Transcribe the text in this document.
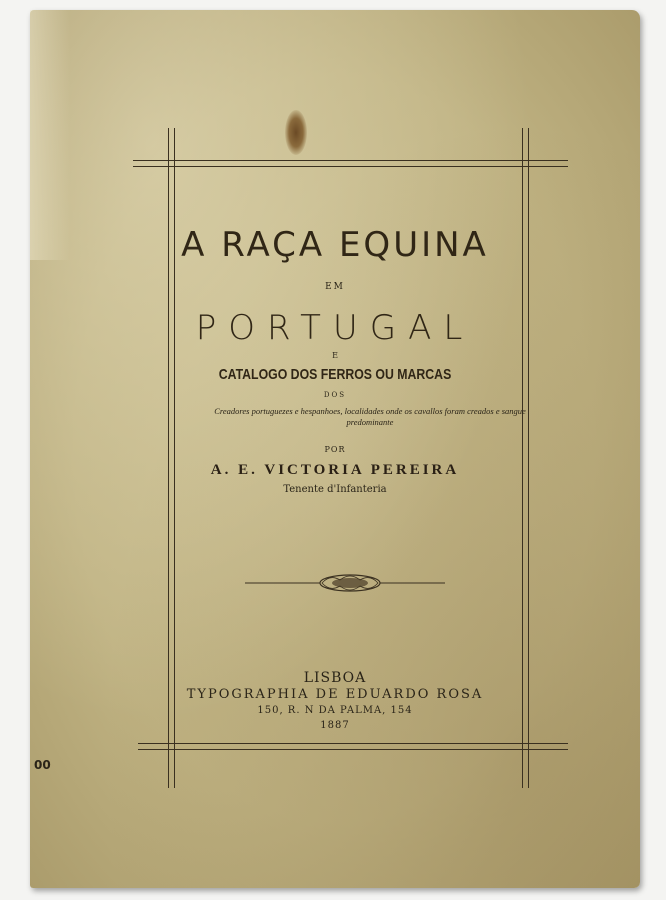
00

A RAÇA EQUINA

EM

PORTUGAL

E

CATALOGO DOS FERROS OU MARCAS

DOS

Creadores portuguezes e hespanhoes, localidades onde os cavallos foram creados e sangue predominante

POR

A. E. VICTORIA PEREIRA

Tenente d'Infanteria

LISBOA

TYPOGRAPHIA DE EDUARDO ROSA

150, R. N DA PALMA, 154

1887
